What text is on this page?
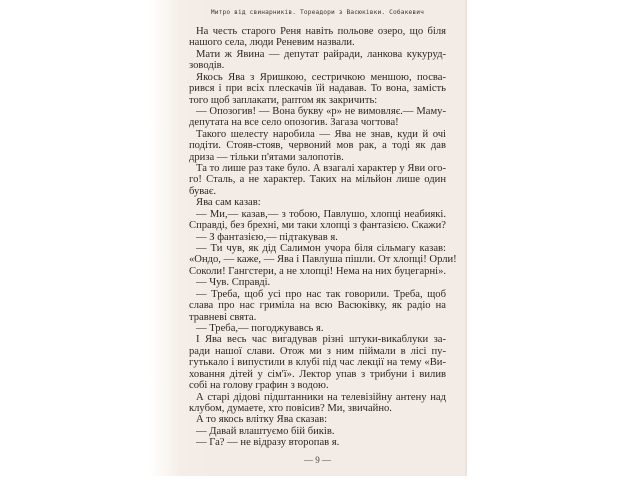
Митро від свинарників. Тореадори з Васюківки. Собакевич
На честь старого Реня навіть польове озеро, що біля
нашого села, люди Реневим назвали.
Мати ж Явина — депутат райради, ланкова кукуруд-
зоводів.
Якось Ява з Яришкою, сестричкою меншою, посва-
рився і при всіх плескачів їй надавав. То вона, замість
того щоб заплакати, раптом як закричить:
— Опозогив! — Вона букву «р» не вимовляє.— Маму-
депутата на все село опозогив. Загаза чогтова!
Такого шелесту наробила — Ява не знав, куди й очі
подіти. Стояв-стояв, червоний мов рак, а тоді як дав
дриза — тільки п'ятами залопотів.
Та то лише раз таке було. А взагалі характер у Яви ого-
го! Сталь, а не характер. Таких на мільйон лише один
буває.
Ява сам казав:
— Ми,— казав,— з тобою, Павлушо, хлопці неабиякі.
Справді, без брехні, ми таки хлопці з фантазією. Скажи?
— З фантазією,— підтакував я.
— Ти чув, як дід Салимон учора біля сільмагу казав:
«Ондо, — каже, — Ява і Павлуша пішли. От хлопці! Орли!
Соколи! Гангстери, а не хлопці! Нема на них буцегарні».
— Чув. Справді.
— Треба, щоб усі про нас так говорили. Треба, щоб
слава про нас гриміла на всю Васюківку, як радіо на
травневі свята.
— Треба,— погоджувавсь я.
І Ява весь час вигадував різні штуки-викаблуки за-
ради нашої слави. Отож ми з ним піймали в лісі пу-
гутькало і випустили в клубі під час лекції на тему «Ви-
ховання дітей у сім'ї». Лектор упав з трибуни і вилив
собі на голову графин з водою.
А старі дідові підштанники на телевізійну антену над
клубом, думаете, хто повісив? Ми, звичайно.
А то якось влітку Ява сказав:
— Давай влаштуємо бій биків.
— Га? — не відразу второпав я.
— 9 —
